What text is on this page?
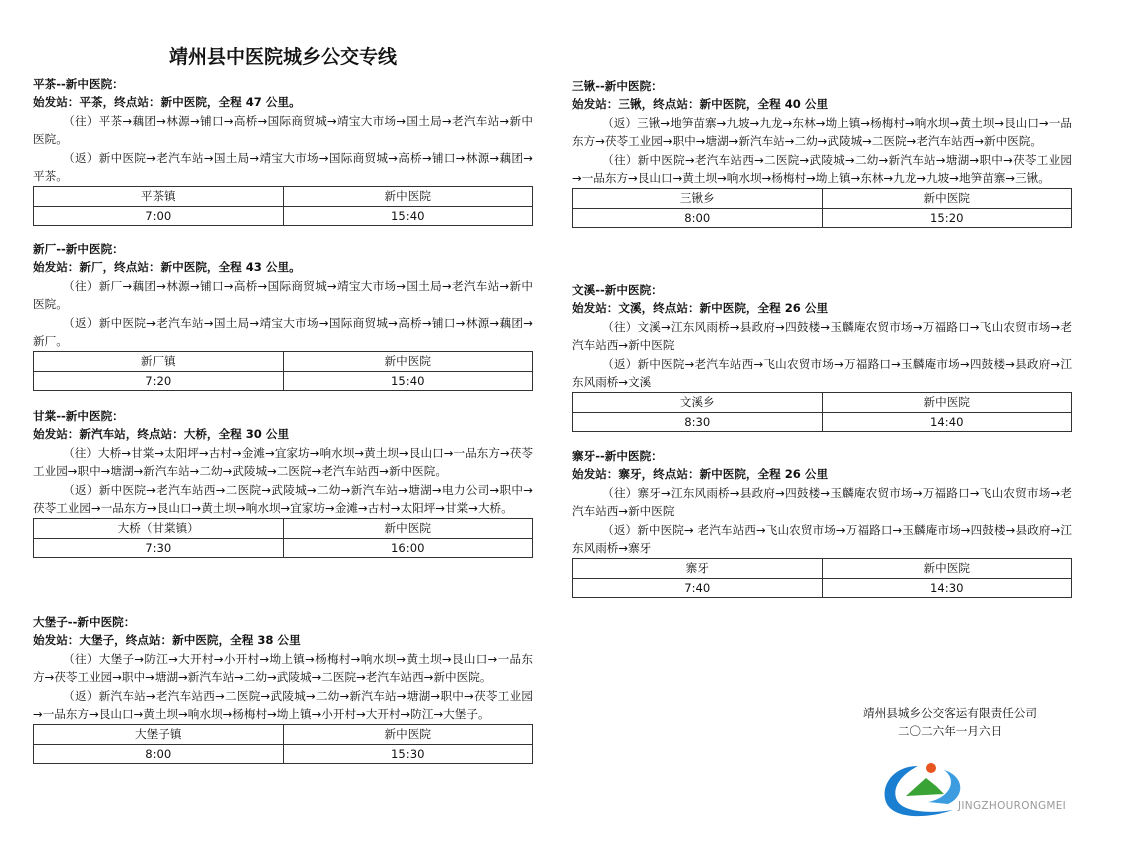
靖州县中医院城乡公交专线
平茶--新中医院：
始发站：平茶，终点站：新中医院，全程 47 公里。

（往）平茶→藕团→林源→铺口→高桥→国际商贸城→靖宝大市场→国土局→老汽车站→新中医院。

（返）新中医院→老汽车站→国土局→靖宝大市场→国际商贸城→高桥→铺口→林源→藕团→平茶。

平茶镇	新中医院
7:00	15:40
新厂--新中医院：
始发站：新厂，终点站：新中医院，全程 43 公里。

（往）新厂→藕团→林源→铺口→高桥→国际商贸城→靖宝大市场→国土局→老汽车站→新中医院。

（返）新中医院→老汽车站→国土局→靖宝大市场→国际商贸城→高桥→铺口→林源→藕团→新厂。

新厂镇	新中医院
7:20	15:40
甘棠--新中医院：
始发站：新汽车站，终点站：大桥，全程 30 公里

（往）大桥→甘棠→太阳坪→古村→金滩→宜家坊→响水坝→黄土坝→艮山口→一品东方→茯苓工业园→职中→塘湖→新汽车站→二幼→武陵城→二医院→老汽车站西→新中医院。

（返）新中医院→老汽车站西→二医院→武陵城→二幼→新汽车站→塘湖→电力公司→职中→茯苓工业园→一品东方→艮山口→黄土坝→响水坝→宜家坊→金滩→古村→太阳坪→甘棠→大桥。

大桥（甘棠镇）	新中医院
7:30	16:00
大堡子--新中医院：
始发站：大堡子，终点站：新中医院，全程 38 公里

（往）大堡子→防江→大开村→小开村→坳上镇→杨梅村→响水坝→黄土坝→艮山口→一品东方→茯苓工业园→职中→塘湖→新汽车站→二幼→武陵城→二医院→老汽车站西→新中医院。

（返）新汽车站→老汽车站西→二医院→武陵城→二幼→新汽车站→塘湖→职中→茯苓工业园→一品东方→艮山口→黄土坝→响水坝→杨梅村→坳上镇→小开村→大开村→防江→大堡子。

大堡子镇	新中医院
8:00	15:30
三锹--新中医院：
始发站：三锹，终点站：新中医院，全程 40 公里

（返）三锹→地笋苗寨→九坡→九龙→东林→坳上镇→杨梅村→响水坝→黄土坝→艮山口→一品东方→茯苓工业园→职中→塘湖→新汽车站→二幼→武陵城→二医院→老汽车站西→新中医院。

（往）新中医院→老汽车站西→二医院→武陵城→二幼→新汽车站→塘湖→职中→茯苓工业园→一品东方→艮山口→黄土坝→响水坝→杨梅村→坳上镇→东林→九龙→九坡→地笋苗寨→三锹。

三锹乡	新中医院
8:00	15:20
文溪--新中医院：
始发站：文溪，终点站：新中医院，全程 26 公里

（往）文溪→江东风雨桥→县政府→四鼓楼→玉麟庵农贸市场→万福路口→飞山农贸市场→老汽车站西→新中医院

（返）新中医院→老汽车站西→飞山农贸市场→万福路口→玉麟庵市场→四鼓楼→县政府→江东风雨桥→文溪

文溪乡	新中医院
8:30	14:40
寨牙--新中医院：
始发站：寨牙，终点站：新中医院，全程 26 公里

（往）寨牙→江东风雨桥→县政府→四鼓楼→玉麟庵农贸市场→万福路口→飞山农贸市场→老汽车站西→新中医院

（返）新中医院→ 老汽车站西→飞山农贸市场→万福路口→玉麟庵市场→四鼓楼→县政府→江东风雨桥→寨牙

寨牙	新中医院
7:40	14:30
靖州县城乡公交客运有限责任公司
二〇二六年一月六日
JINGZHOURONGMEI
